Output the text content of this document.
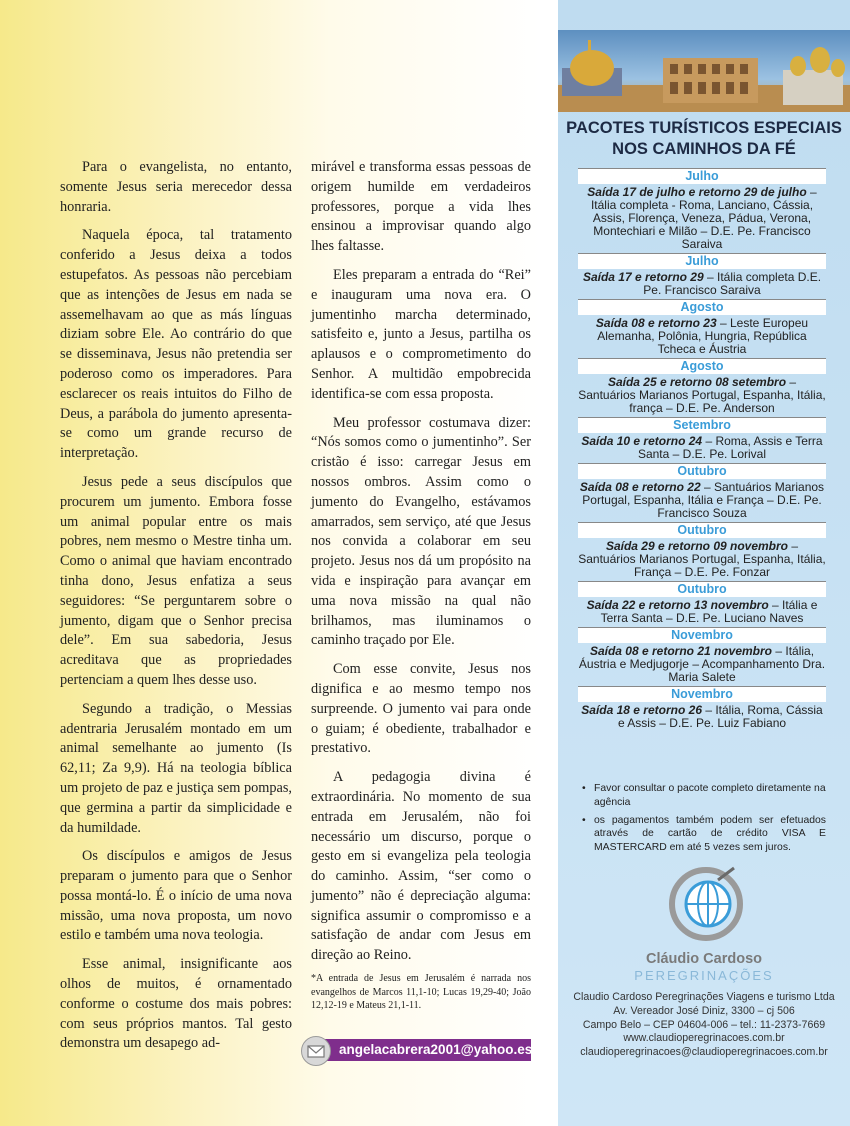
Para o evangelista, no entanto, somente Jesus seria merecedor dessa honraria.

Naquela época, tal tratamento conferido a Jesus deixa a todos estupefatos. As pessoas não percebiam que as intenções de Jesus em nada se assemelhavam ao que as más línguas diziam sobre Ele. Ao contrário do que se disseminava, Jesus não pretendia ser poderoso como os imperadores. Para esclarecer os reais intuitos do Filho de Deus, a parábola do jumento apresenta-se como um grande recurso de interpretação.

Jesus pede a seus discípulos que procurem um jumento. Embora fosse um animal popular entre os mais pobres, nem mesmo o Mestre tinha um. Como o animal que haviam encontrado tinha dono, Jesus enfatiza a seus seguidores: “Se perguntarem sobre o jumento, digam que o Senhor precisa dele”. Em sua sabedoria, Jesus acreditava que as propriedades pertenciam a quem lhes desse uso.

Segundo a tradição, o Messias adentraria Jerusalém montado em um animal semelhante ao jumento (Is 62,11; Za 9,9). Há na teologia bíblica um projeto de paz e justiça sem pompas, que germina a partir da simplicidade e da humildade.

Os discípulos e amigos de Jesus preparam o jumento para que o Senhor possa montá-lo. É o início de uma nova missão, uma nova proposta, um novo estilo e também uma nova teologia.

Esse animal, insignificante aos olhos de muitos, é ornamentado conforme o costume dos mais pobres: com seus próprios mantos. Tal gesto demonstra um desapego ad-

mirável e transforma essas pessoas de origem humilde em verdadeiros professores, porque a vida lhes ensinou a improvisar quando algo lhes faltasse.

Eles preparam a entrada do “Rei” e inauguram uma nova era. O jumentinho marcha determinado, satisfeito e, junto a Jesus, partilha os aplausos e o comprometimento do Senhor. A multidão empobrecida identifica-se com essa proposta.

Meu professor costumava dizer: “Nós somos como o jumentinho”. Ser cristão é isso: carregar Jesus em nossos ombros. Assim como o jumento do Evangelho, estávamos amarrados, sem serviço, até que Jesus nos convida a colaborar em seu projeto. Jesus nos dá um propósito na vida e inspiração para avançar em uma nova missão na qual não brilhamos, mas iluminamos o caminho traçado por Ele.

Com esse convite, Jesus nos dignifica e ao mesmo tempo nos surpreende. O jumento vai para onde o guiam; é obediente, trabalhador e prestativo.

A pedagogia divina é extraordinária. No momento de sua entrada em Jerusalém, não foi necessário um discurso, porque o gesto em si evangeliza pela teologia do caminho. Assim, “ser como o jumento” não é depreciação alguma: significa assumir o compromisso e a satisfação de andar com Jesus em direção ao Reino.

*A entrada de Jesus em Jerusalém é narrada nos evangelhos de Marcos 11,1-10; Lucas 19,29-40; João 12,12-19 e Mateus 21,1-11.
angelacabrera2001@yahoo.es
PACOTES TURÍSTICOS ESPECIAIS NOS CAMINHOS DA FÉ
Julho
Saída 17 de julho e retorno 29 de julho – Itália completa - Roma, Lanciano, Cássia, Assis, Florença, Veneza, Pádua, Verona, Montechiari e Milão – D.E. Pe. Francisco Saraiva
Julho
Saída 17 e retorno 29 – Itália completa D.E. Pe. Francisco Saraiva
Agosto
Saída 08 e retorno 23 – Leste Europeu Alemanha, Polônia, Hungria, República Tcheca e Áustria
Agosto
Saída 25 e retorno 08 setembro – Santuários Marianos Portugal, Espanha, Itália, frança – D.E. Pe. Anderson
Setembro
Saída 10 e retorno 24 – Roma, Assis e Terra Santa – D.E. Pe. Lorival
Outubro
Saída 08 e retorno 22 – Santuários Marianos Portugal, Espanha, Itália e França – D.E. Pe. Francisco Souza
Outubro
Saída 29 e retorno 09 novembro – Santuários Marianos Portugal, Espanha, Itália, França – D.E. Pe. Fonzar
Outubro
Saída 22 e retorno 13 novembro – Itália e Terra Santa – D.E. Pe. Luciano Naves
Novembro
Saída 08 e retorno 21 novembro – Itália, Áustria e Medjugorje – Acompanhamento Dra. Maria Salete
Novembro
Saída 18 e retorno 26 – Itália, Roma, Cássia e Assis – D.E. Pe. Luiz Fabiano
• Favor consultar o pacote completo diretamente na agência
• os pagamentos também podem ser efetuados através de cartão de crédito VISA E MASTERCARD em até 5 vezes sem juros.
Cláudio Cardoso
PEREGRINAÇÕES
Claudio Cardoso Peregrinações Viagens e turismo Ltda
Av. Vereador José Diniz, 3300 – cj 506
Campo Belo – CEP 04604-006 – tel.: 11-2373-7669
www.claudioperegrinacoes.com.br
claudioperegrinacoes@claudioperegrinacoes.com.br
